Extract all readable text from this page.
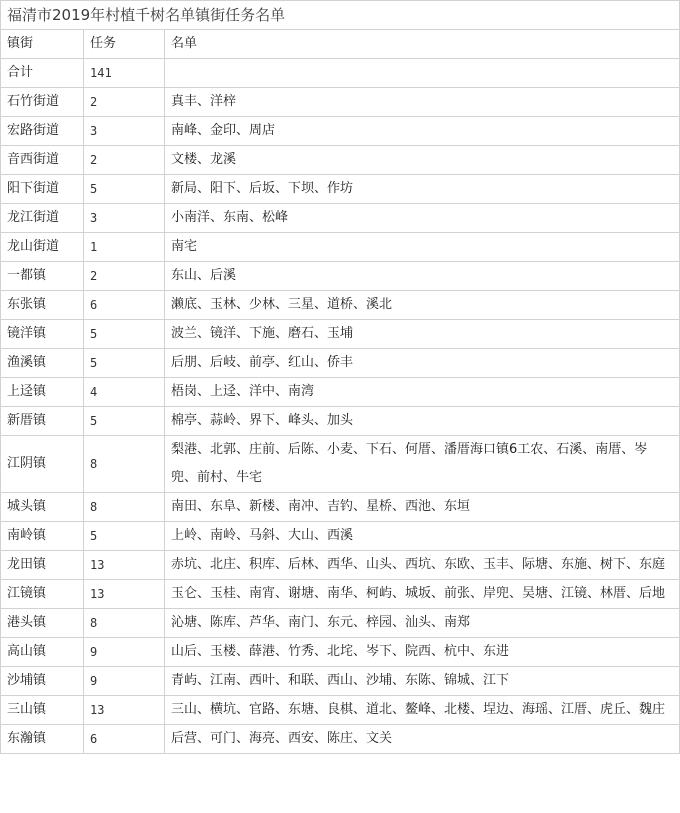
福清市2019年村植千树名单镇街任务名单		
镇街	任务	名单
合计	141	
石竹街道	2	真丰、洋梓
宏路街道	3	南峰、金印、周店
音西街道	2	文楼、龙溪
阳下街道	5	新局、阳下、后坂、下坝、作坊
龙江街道	3	小南洋、东南、松峰
龙山街道	1	南宅
一都镇	2	东山、后溪
东张镇	6	濑底、玉林、少林、三星、道桥、溪北
镜洋镇	5	波兰、镜洋、下施、磨石、玉埔
渔溪镇	5	后朋、后岐、前亭、红山、侨丰
上迳镇	4	梧岗、上迳、洋中、南湾
新厝镇	5	棉亭、蒜岭、界下、峰头、加头
江阴镇	8	梨港、北郭、庄前、后陈、小麦、下石、何厝、潘厝海口镇6工农、石溪、南厝、岑兜、前村、牛宅
城头镇	8	南田、东阜、新楼、南冲、吉钓、星桥、西池、东垣
南岭镇	5	上岭、南岭、马斜、大山、西溪
龙田镇	13	赤坑、北庄、积库、后林、西华、山头、西坑、东欧、玉丰、际塘、东施、树下、东庭
江镜镇	13	玉仑、玉桂、南宵、谢塘、南华、柯屿、城坂、前张、岸兜、吴塘、江镜、林厝、后地
港头镇	8	沁塘、陈库、芦华、南门、东元、梓园、汕头、南郑
高山镇	9	山后、玉楼、薛港、竹秀、北垞、岑下、院西、杭中、东进
沙埔镇	9	青屿、江南、西叶、和联、西山、沙埔、东陈、锦城、江下
三山镇	13	三山、横坑、官路、东塘、良棋、道北、鳌峰、北楼、埕边、海瑶、江厝、虎丘、魏庄
东瀚镇	6	后营、可门、海亮、西安、陈庄、文关
